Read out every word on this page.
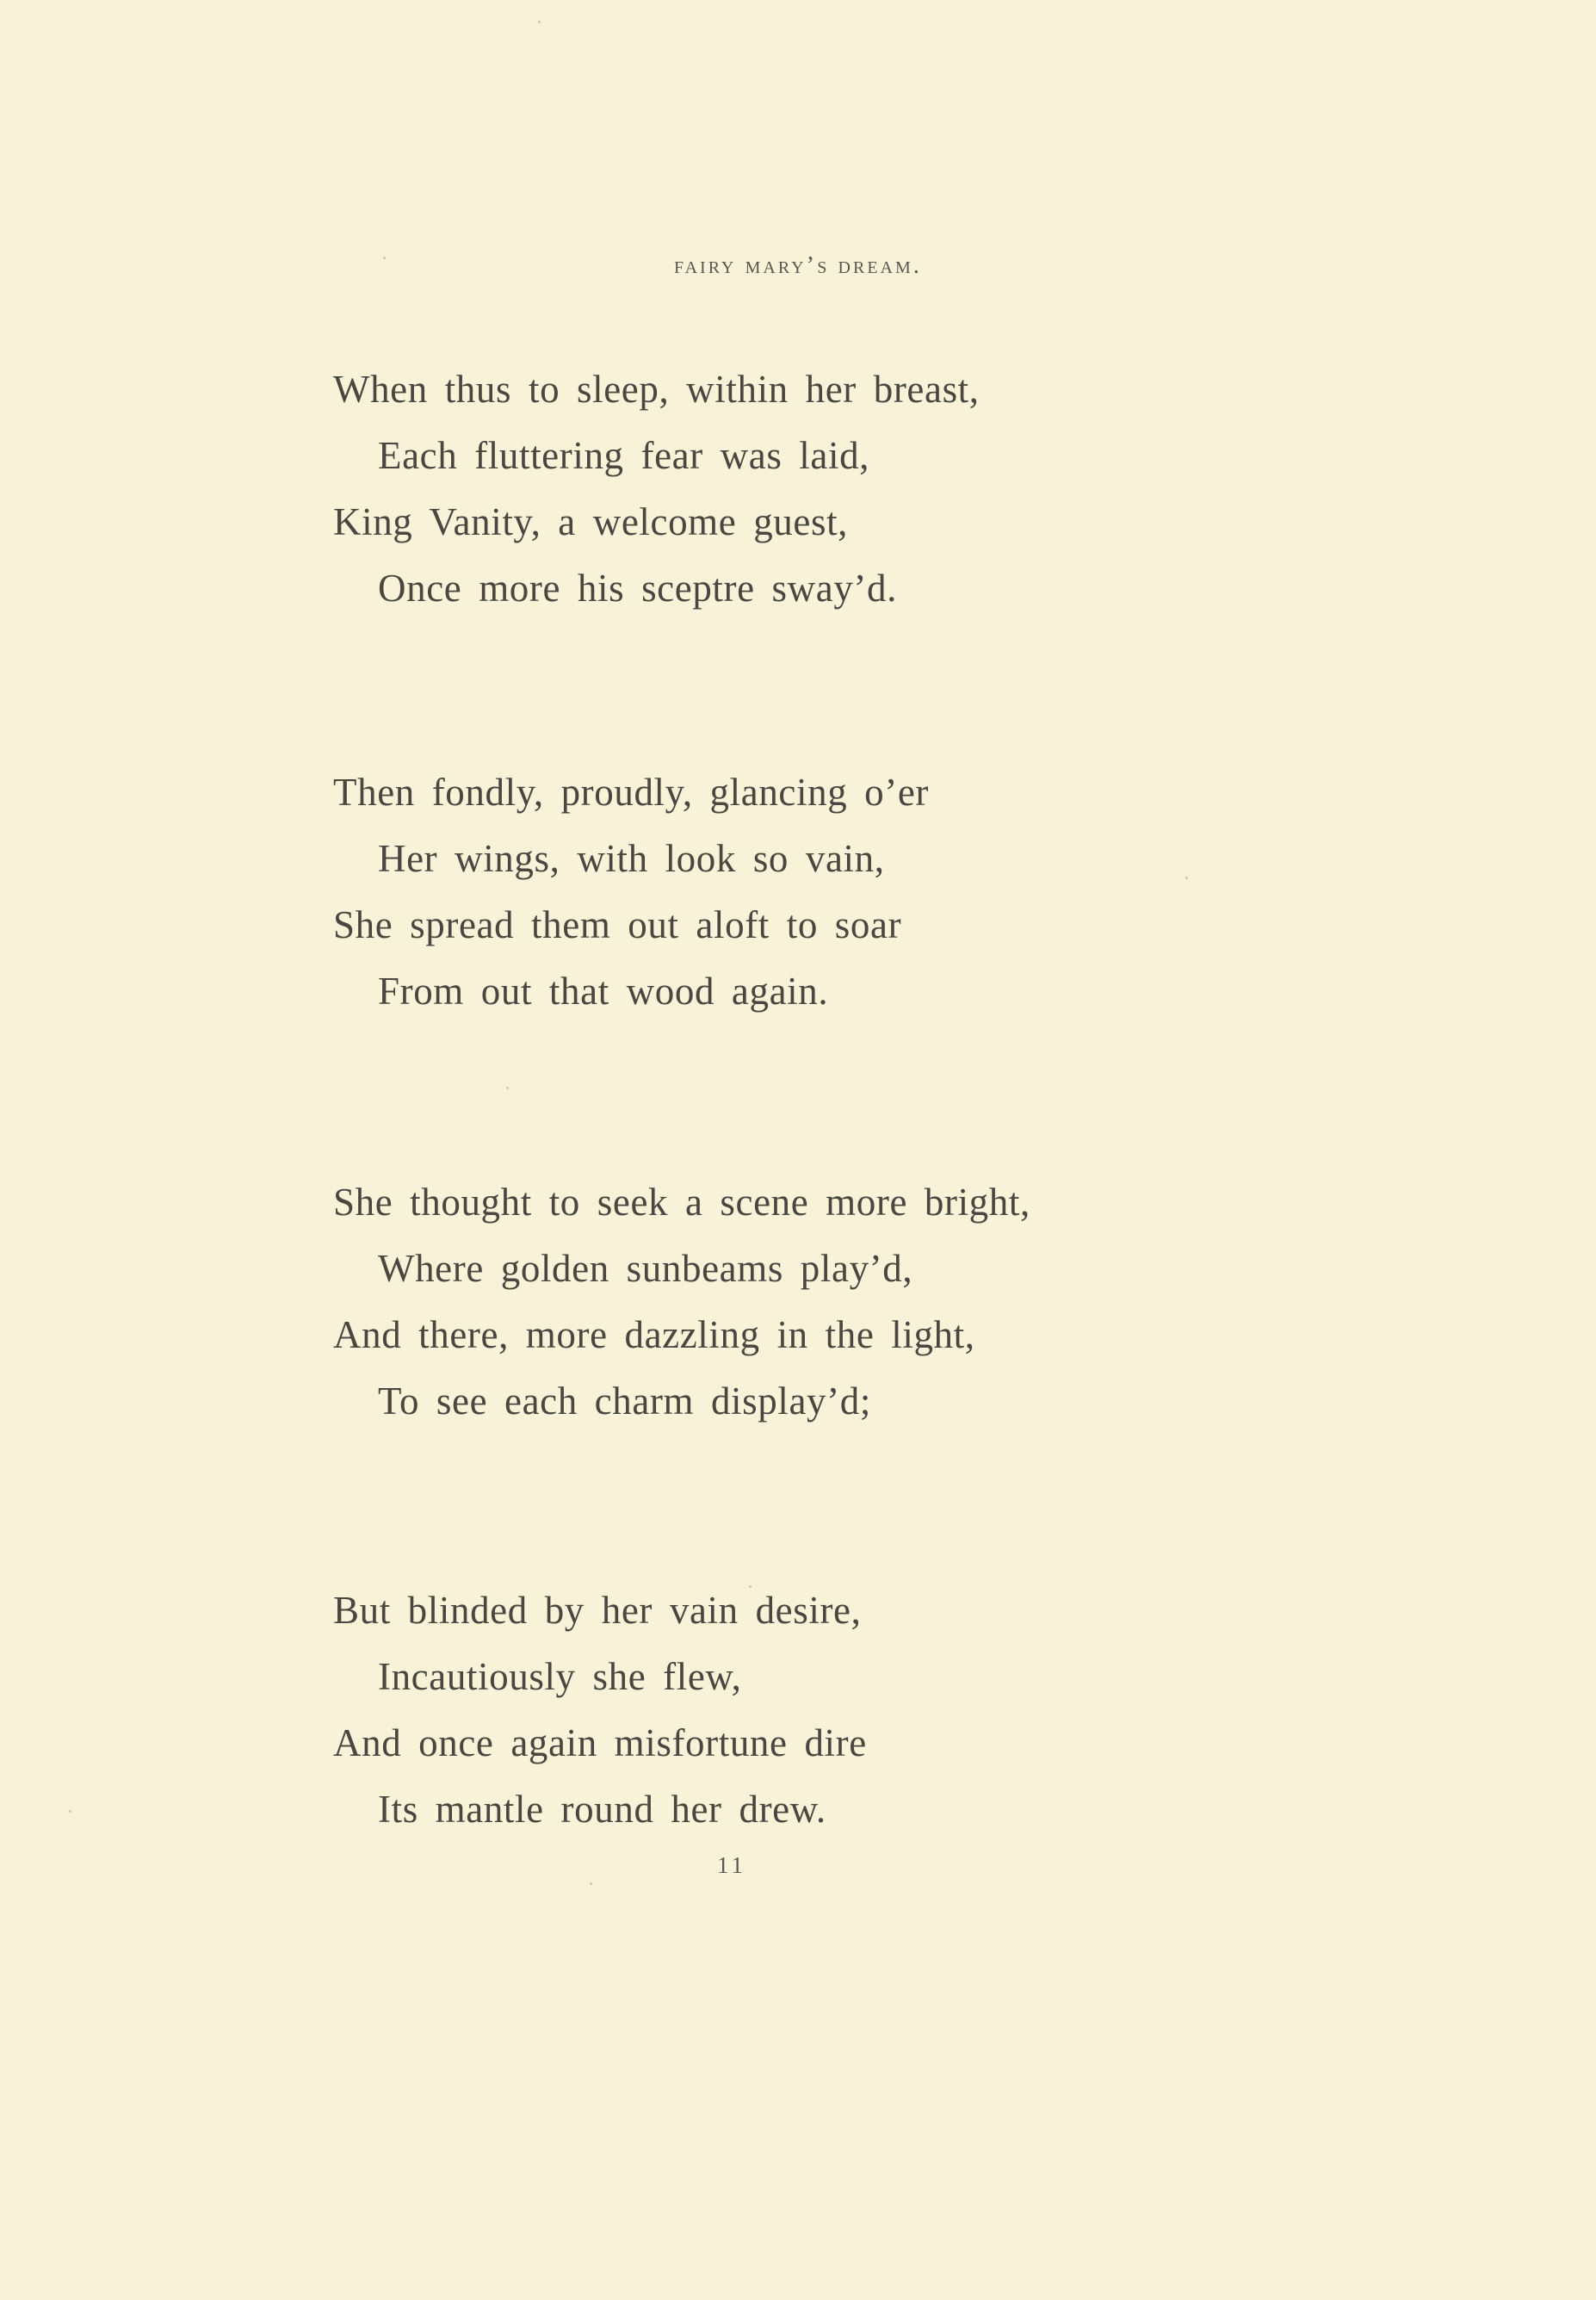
fairy mary’s dream.
When thus to sleep, within her breast,
Each fluttering fear was laid,
King Vanity, a welcome guest,
Once more his sceptre sway’d.
Then fondly, proudly, glancing o’er
Her wings, with look so vain,
She spread them out aloft to soar
From out that wood again.
She thought to seek a scene more bright,
Where golden sunbeams play’d,
And there, more dazzling in the light,
To see each charm display’d;
But blinded by her vain desire,
Incautiously she flew,
And once again misfortune dire
Its mantle round her drew.
11
